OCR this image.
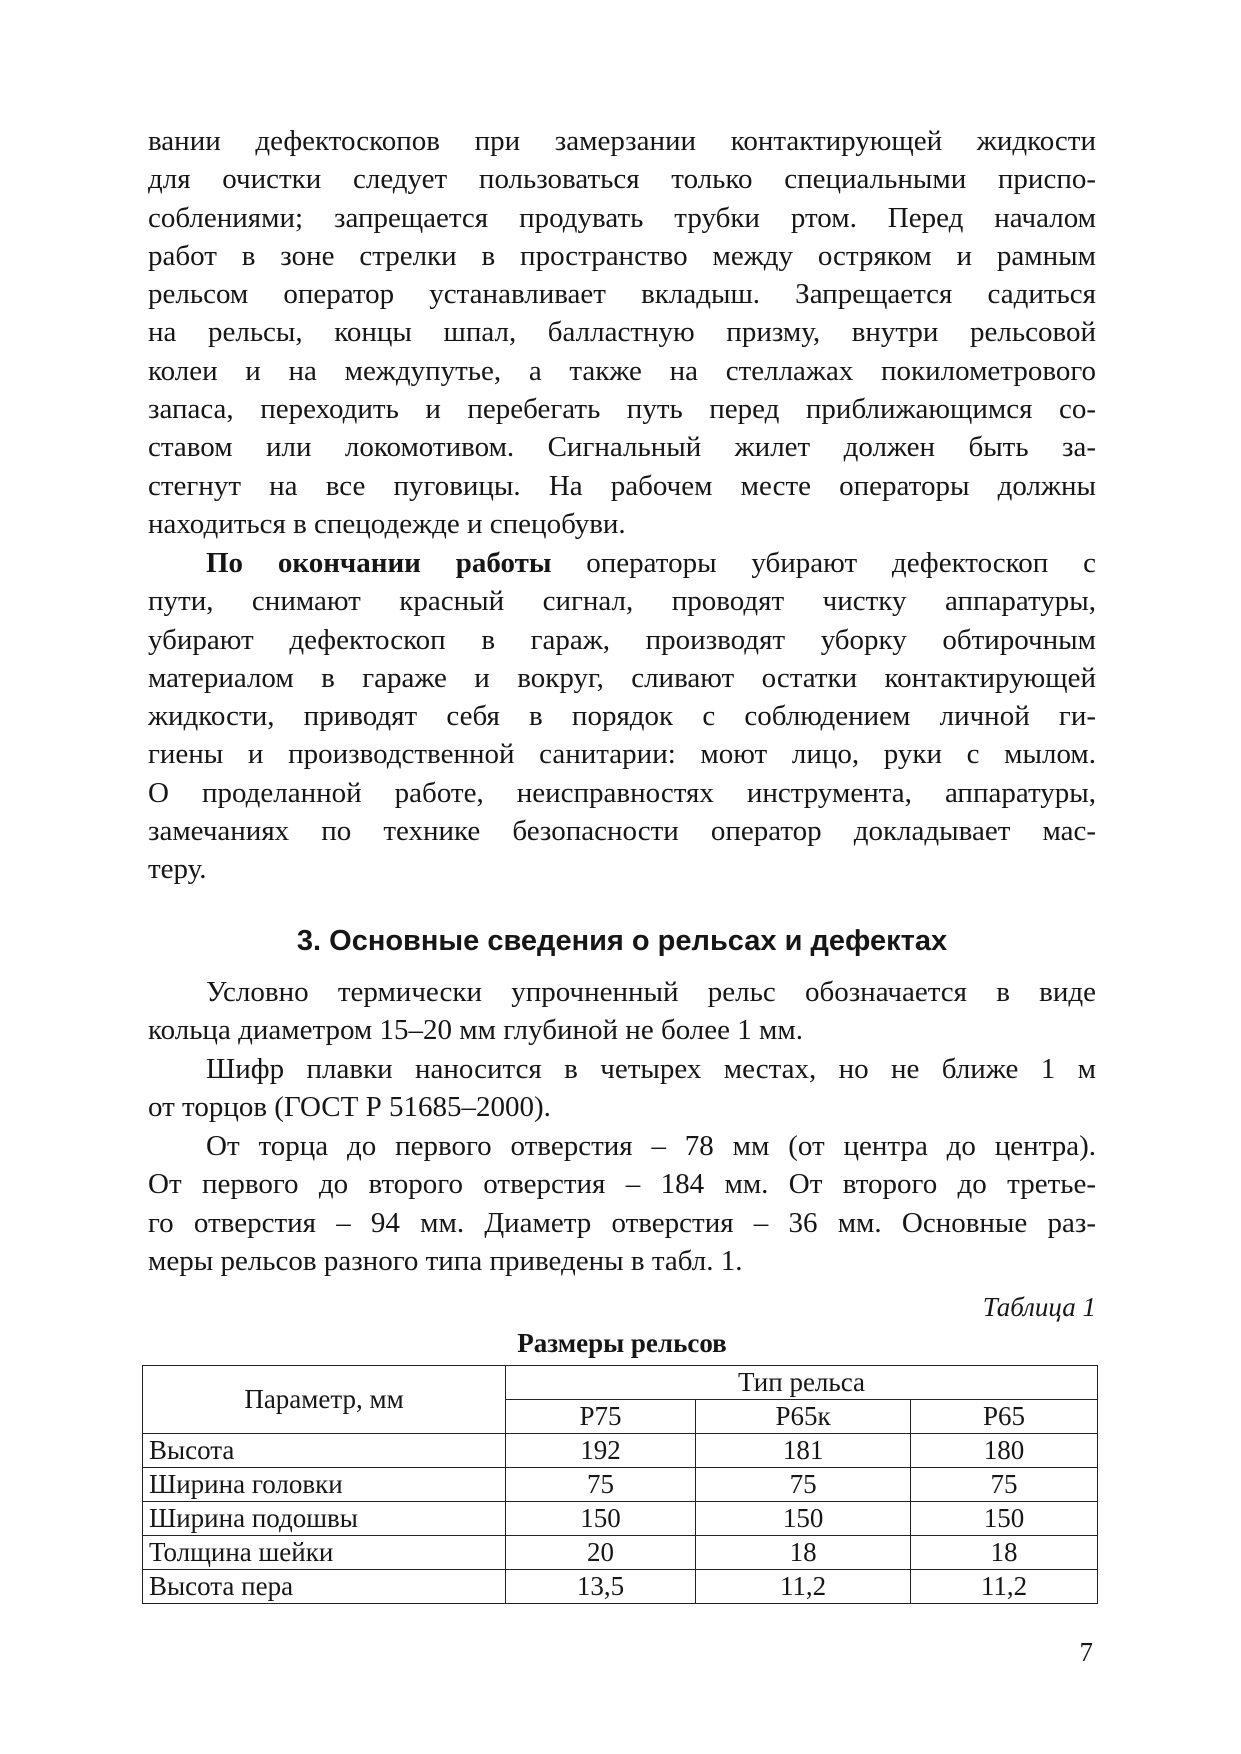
вании дефектоскопов при замерзании контактирующей жидкости
для очистки следует пользоваться только специальными приспо-
соблениями; запрещается продувать трубки ртом. Перед началом
работ в зоне стрелки в пространство между остряком и рамным
рельсом оператор устанавливает вкладыш. Запрещается садиться
на рельсы, концы шпал, балластную призму, внутри рельсовой
колеи и на междупутье, а также на стеллажах покилометрового
запаса, переходить и перебегать путь перед приближающимся со-
ставом или локомотивом. Сигнальный жилет должен быть за-
стегнут на все пуговицы. На рабочем месте операторы должны
находиться в спецодежде и спецобуви.
По окончании работы операторы убирают дефектоскоп с
пути, снимают красный сигнал, проводят чистку аппаратуры,
убирают дефектоскоп в гараж, производят уборку обтирочным
материалом в гараже и вокруг, сливают остатки контактирующей
жидкости, приводят себя в порядок с соблюдением личной ги-
гиены и производственной санитарии: моют лицо, руки с мылом.
О проделанной работе, неисправностях инструмента, аппаратуры,
замечаниях по технике безопасности оператор докладывает мас-
теру.
3. Основные сведения о рельсах и дефектах
Условно термически упрочненный рельс обозначается в виде
кольца диаметром 15–20 мм глубиной не более 1 мм.
Шифр плавки наносится в четырех местах, но не ближе 1 м
от торцов (ГОСТ Р 51685–2000).
От торца до первого отверстия – 78 мм (от центра до центра).
От первого до второго отверстия – 184 мм. От второго до третье-
го отверстия – 94 мм. Диаметр отверстия – 36 мм. Основные раз-
меры рельсов разного типа приведены в табл. 1.
Таблица 1
Размеры рельсов
Параметр, мм	Тип рельса		
	Р75	Р65к	Р65
Высота	192	181	180
Ширина головки	75	75	75
Ширина подошвы	150	150	150
Толщина шейки	20	18	18
Высота пера	13,5	11,2	11,2
7
